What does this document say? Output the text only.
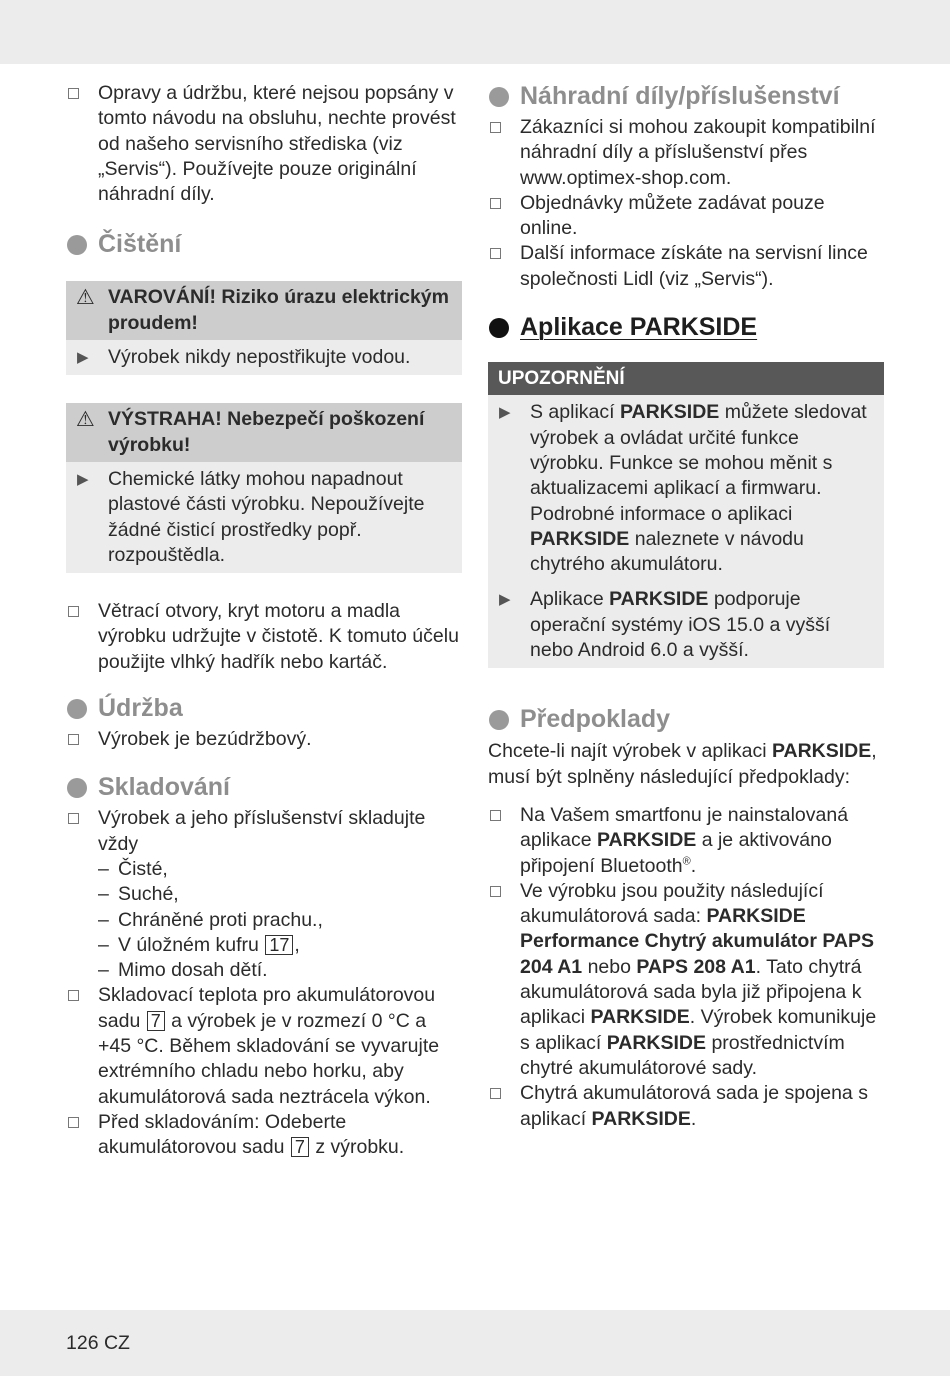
Opravy a údržbu, které nejsou popsány v tomto návodu na obsluhu, nechte provést od našeho servisního střediska (viz „Servis“). Používejte pouze originální náhradní díly.
Čištění
⚠ VAROVÁNÍ! Riziko úrazu elektrickým proudem!
▶ Výrobek nikdy nepostřikujte vodou.
⚠ VÝSTRAHA! Nebezpečí poškození výrobku!
▶ Chemické látky mohou napadnout plastové části výrobku. Nepoužívejte žádné čisticí prostředky popř. rozpouštědla.
Větrací otvory, kryt motoru a madla výrobku udržujte v čistotě. K tomuto účelu použijte vlhký hadřík nebo kartáč.
Údržba
Výrobek je bezúdržbový.
Skladování

Výrobek a jeho příslušenství skladujte vždy

– Čisté,
– Suché,
– Chráněné proti prachu.,
– V úložném kufru 17 ,
– Mimo dosah dětí.
Skladovací teplota pro akumulátorovou sadu 7 a výrobek je v rozmezí 0 °C a +45 °C. Během skladování se vyvarujte extrémního chladu nebo horku, aby akumulátorová sada neztrácela výkon.
Před skladováním: Odeberte akumulátorovou sadu 7 z výrobku.
Náhradní díly/příslušenství
Zákazníci si mohou zakoupit kompatibilní náhradní díly a příslušenství přes www.optimex-shop.com.
Objednávky můžete zadávat pouze online.
Další informace získáte na servisní lince společnosti Lidl (viz „Servis“).
Aplikace PARKSIDE
UPOZORNĚNÍ
▶ S aplikací PARKSIDE můžete sledovat výrobek a ovládat určité funkce výrobku. Funkce se mohou měnit s aktualizacemi aplikací a firmwaru. Podrobné informace o aplikaci PARKSIDE naleznete v návodu chytrého akumulátoru.
▶ Aplikace PARKSIDE podporuje operační systémy iOS 15.0 a vyšší nebo Android 6.0 a vyšší.
Předpoklady

Chcete-li najít výrobek v aplikaci PARKSIDE, musí být splněny následující předpoklady:

Na Vašem smartfonu je nainstalovaná aplikace PARKSIDE a je aktivováno připojení Bluetooth®.
Ve výrobku jsou použity následující akumulátorová sada: PARKSIDE Performance Chytrý akumulátor PAPS 204 A1 nebo PAPS 208 A1. Tato chytrá akumulátorová sada byla již připojena k aplikaci PARKSIDE. Výrobek komunikuje s aplikací PARKSIDE prostřednictvím chytré akumulátorové sady.
Chytrá akumulátorová sada je spojena s aplikací PARKSIDE.
126 CZ
